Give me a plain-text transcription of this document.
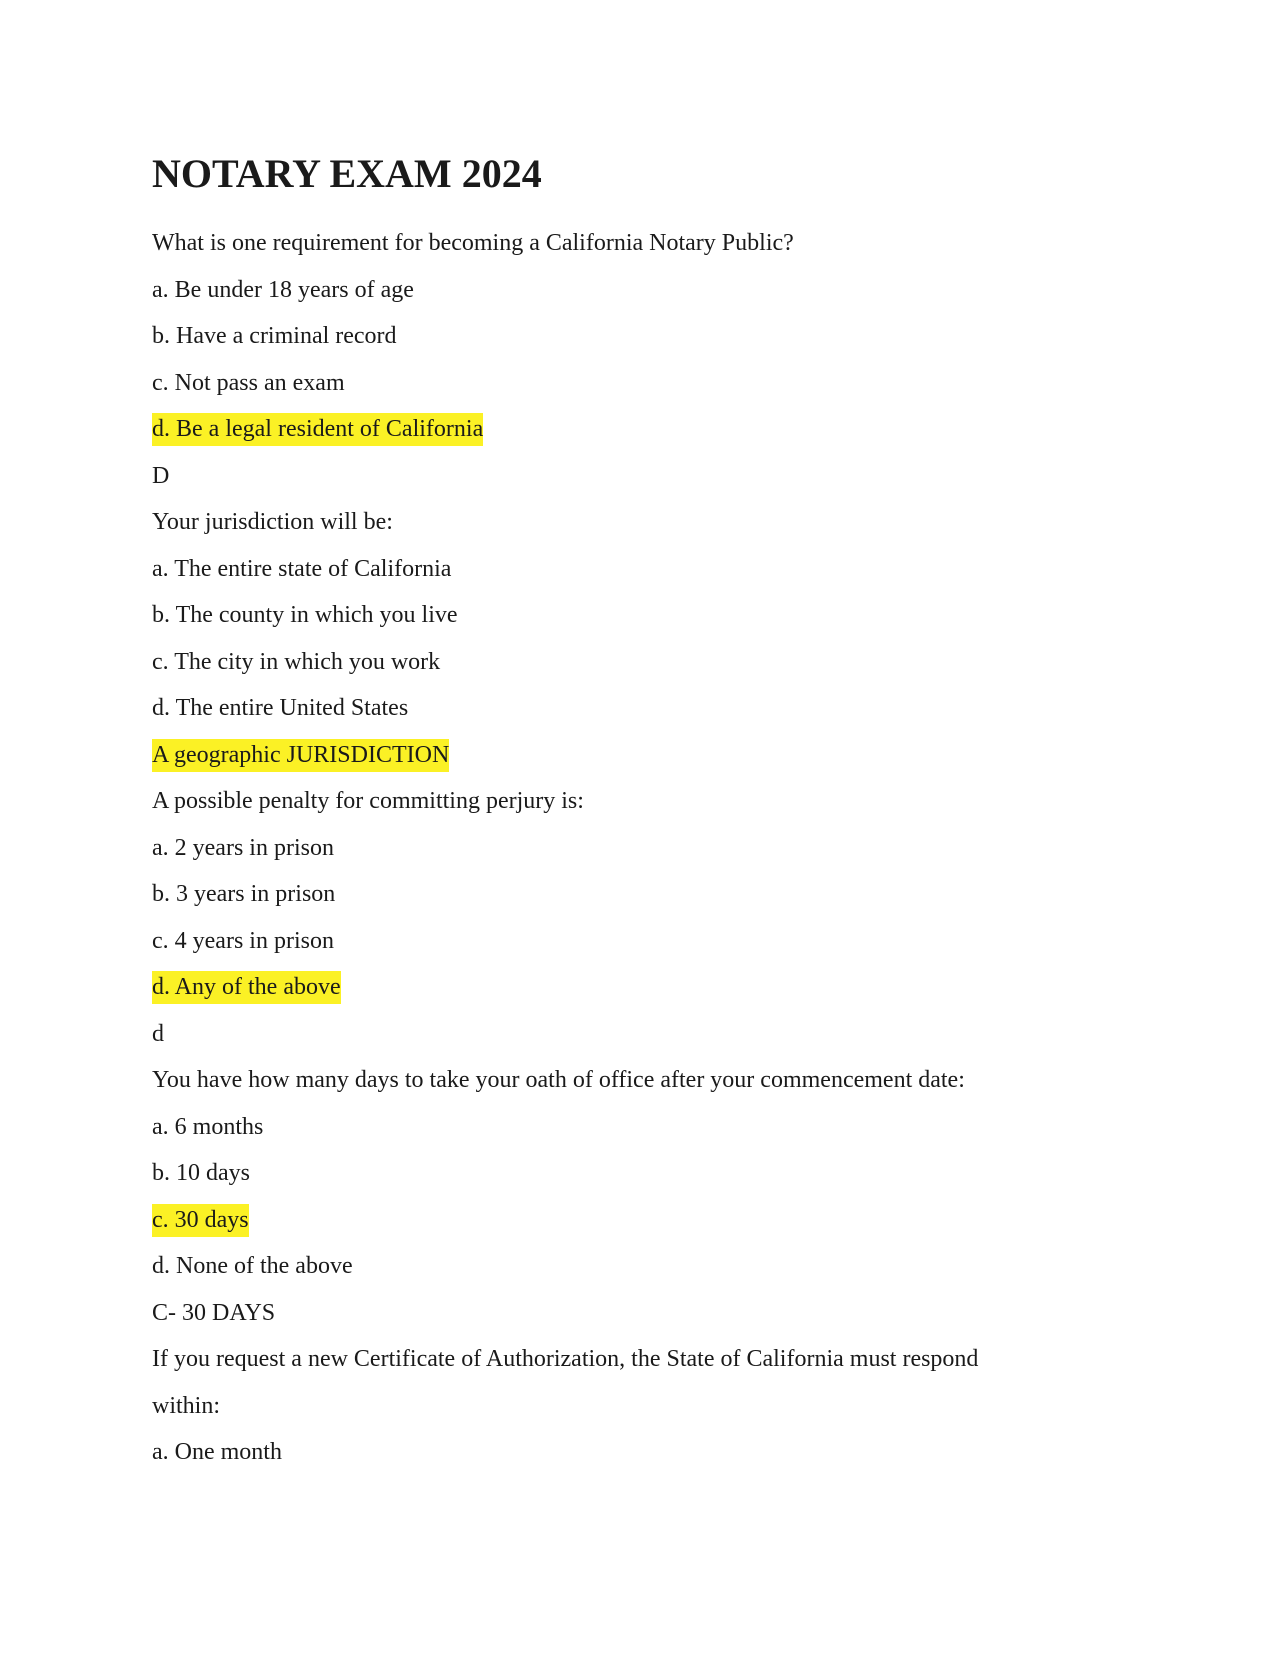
NOTARY EXAM 2024
What is one requirement for becoming a California Notary Public?
a. Be under 18 years of age
b. Have a criminal record
c. Not pass an exam
d. Be a legal resident of California
D
Your jurisdiction will be:
a. The entire state of California
b. The county in which you live
c. The city in which you work
d. The entire United States
A geographic JURISDICTION
A possible penalty for committing perjury is:
a. 2 years in prison
b. 3 years in prison
c. 4 years in prison
d. Any of the above
d
You have how many days to take your oath of office after your commencement date:
a. 6 months
b. 10 days
c. 30 days
d. None of the above
C- 30 DAYS
If you request a new Certificate of Authorization, the State of California must respond
within:
a. One month
